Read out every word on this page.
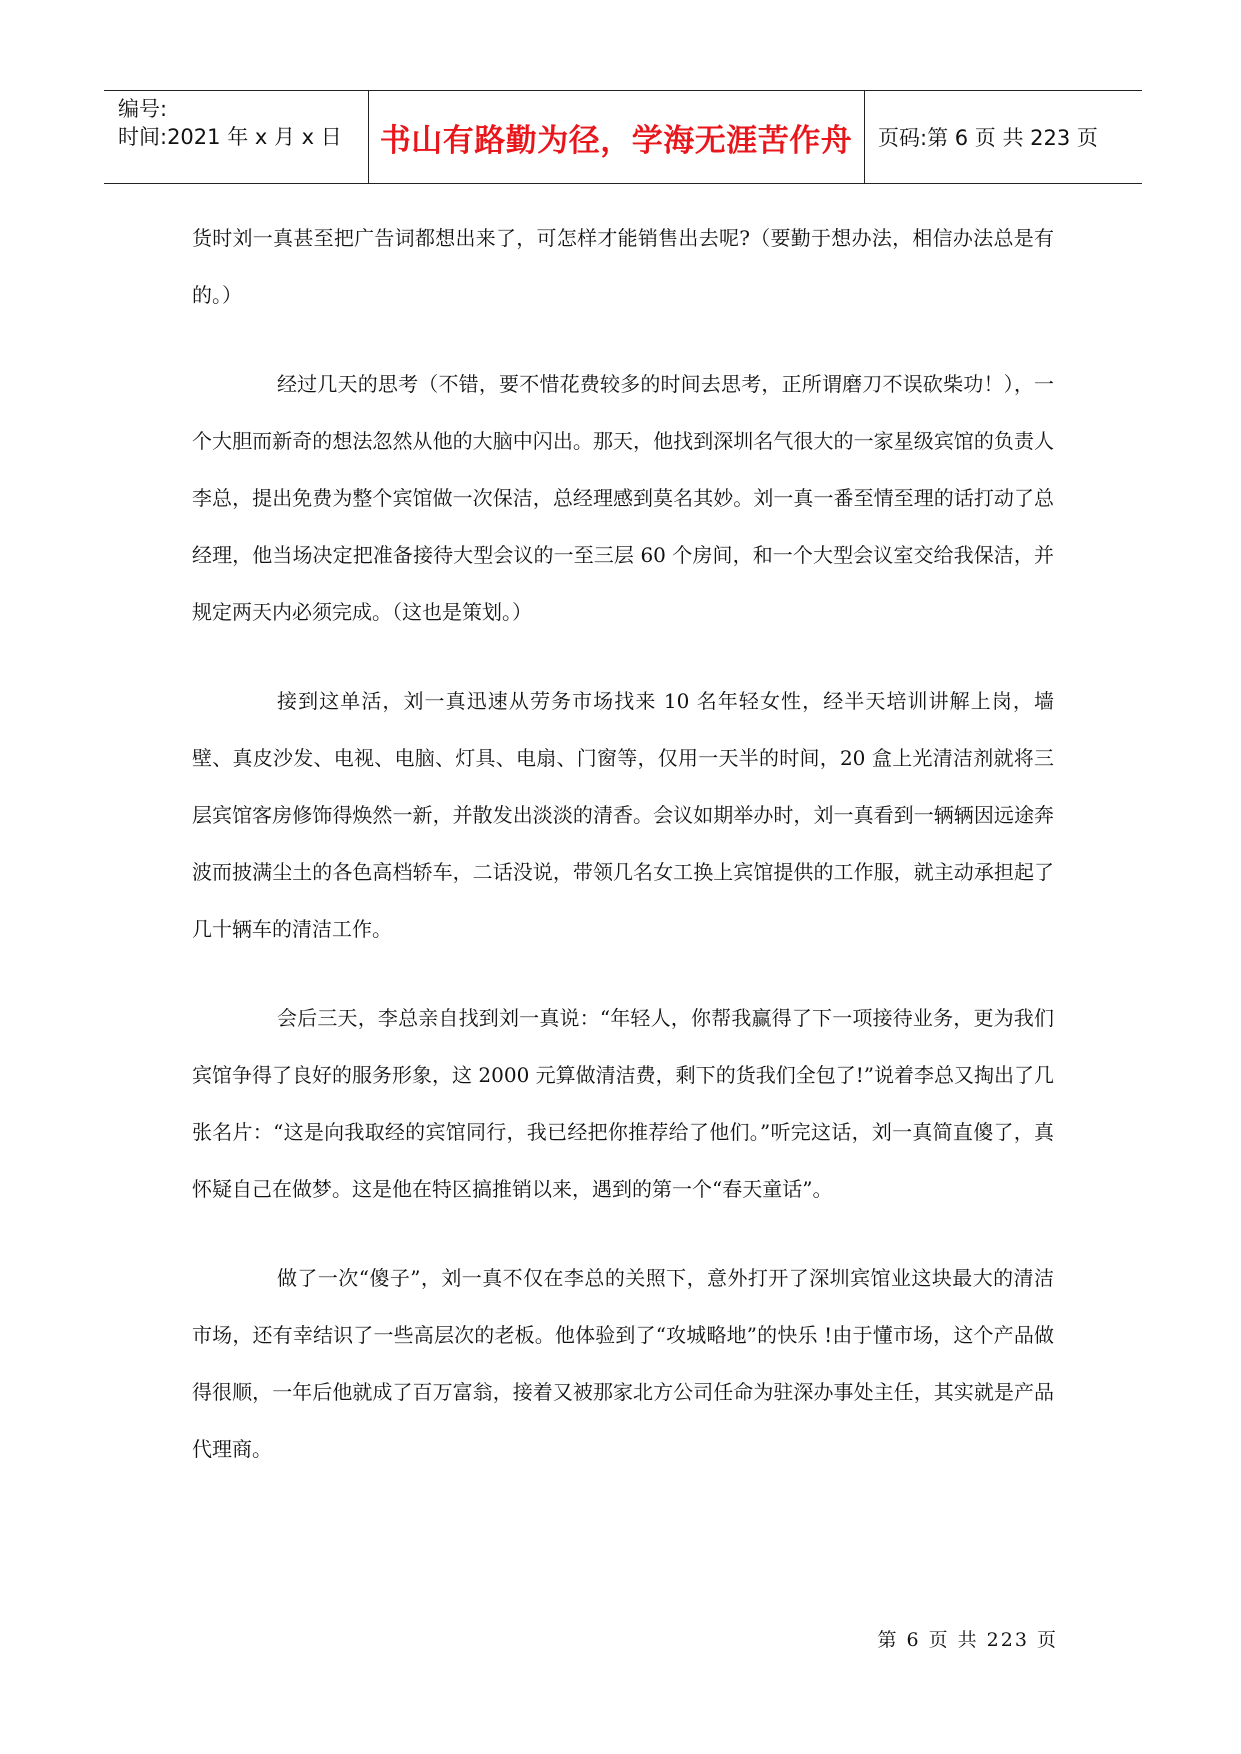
编号:
时间:2021 年 x 月 x 日 书山有路勤为径，学海无涯苦作舟 页码:第 6 页 共 223 页

货时刘一真甚至把广告词都想出来了，可怎样才能销售出去呢?（要勤于想办法，相信办法总是有的。）

经过几天的思考（不错，要不惜花费较多的时间去思考，正所谓磨刀不误砍柴功！），一个大胆而新奇的想法忽然从他的大脑中闪出。那天，他找到深圳名气很大的一家星级宾馆的负责人李总，提出免费为整个宾馆做一次保洁，总经理感到莫名其妙。刘一真一番至情至理的话打动了总经理，他当场决定把准备接待大型会议的一至三层 60 个房间，和一个大型会议室交给我保洁，并规定两天内必须完成。（这也是策划。）

接到这单活，刘一真迅速从劳务市场找来 10 名年轻女性，经半天培训讲解上岗，墙壁、真皮沙发、电视、电脑、灯具、电扇、门窗等，仅用一天半的时间，20 盒上光清洁剂就将三层宾馆客房修饰得焕然一新，并散发出淡淡的清香。会议如期举办时，刘一真看到一辆辆因远途奔波而披满尘土的各色高档轿车，二话没说，带领几名女工换上宾馆提供的工作服，就主动承担起了几十辆车的清洁工作。

会后三天，李总亲自找到刘一真说：“年轻人，你帮我赢得了下一项接待业务，更为我们宾馆争得了良好的服务形象，这 2000 元算做清洁费，剩下的货我们全包了!”说着李总又掏出了几张名片：“这是向我取经的宾馆同行，我已经把你推荐给了他们。”听完这话，刘一真简直傻了，真怀疑自己在做梦。这是他在特区搞推销以来，遇到的第一个“春天童话”。

做了一次“傻子”，刘一真不仅在李总的关照下，意外打开了深圳宾馆业这块最大的清洁市场，还有幸结识了一些高层次的老板。他体验到了“攻城略地”的快乐 !由于懂市场，这个产品做得很顺，一年后他就成了百万富翁，接着又被那家北方公司任命为驻深办事处主任，其实就是产品代理商。

第 6 页 共 223 页
